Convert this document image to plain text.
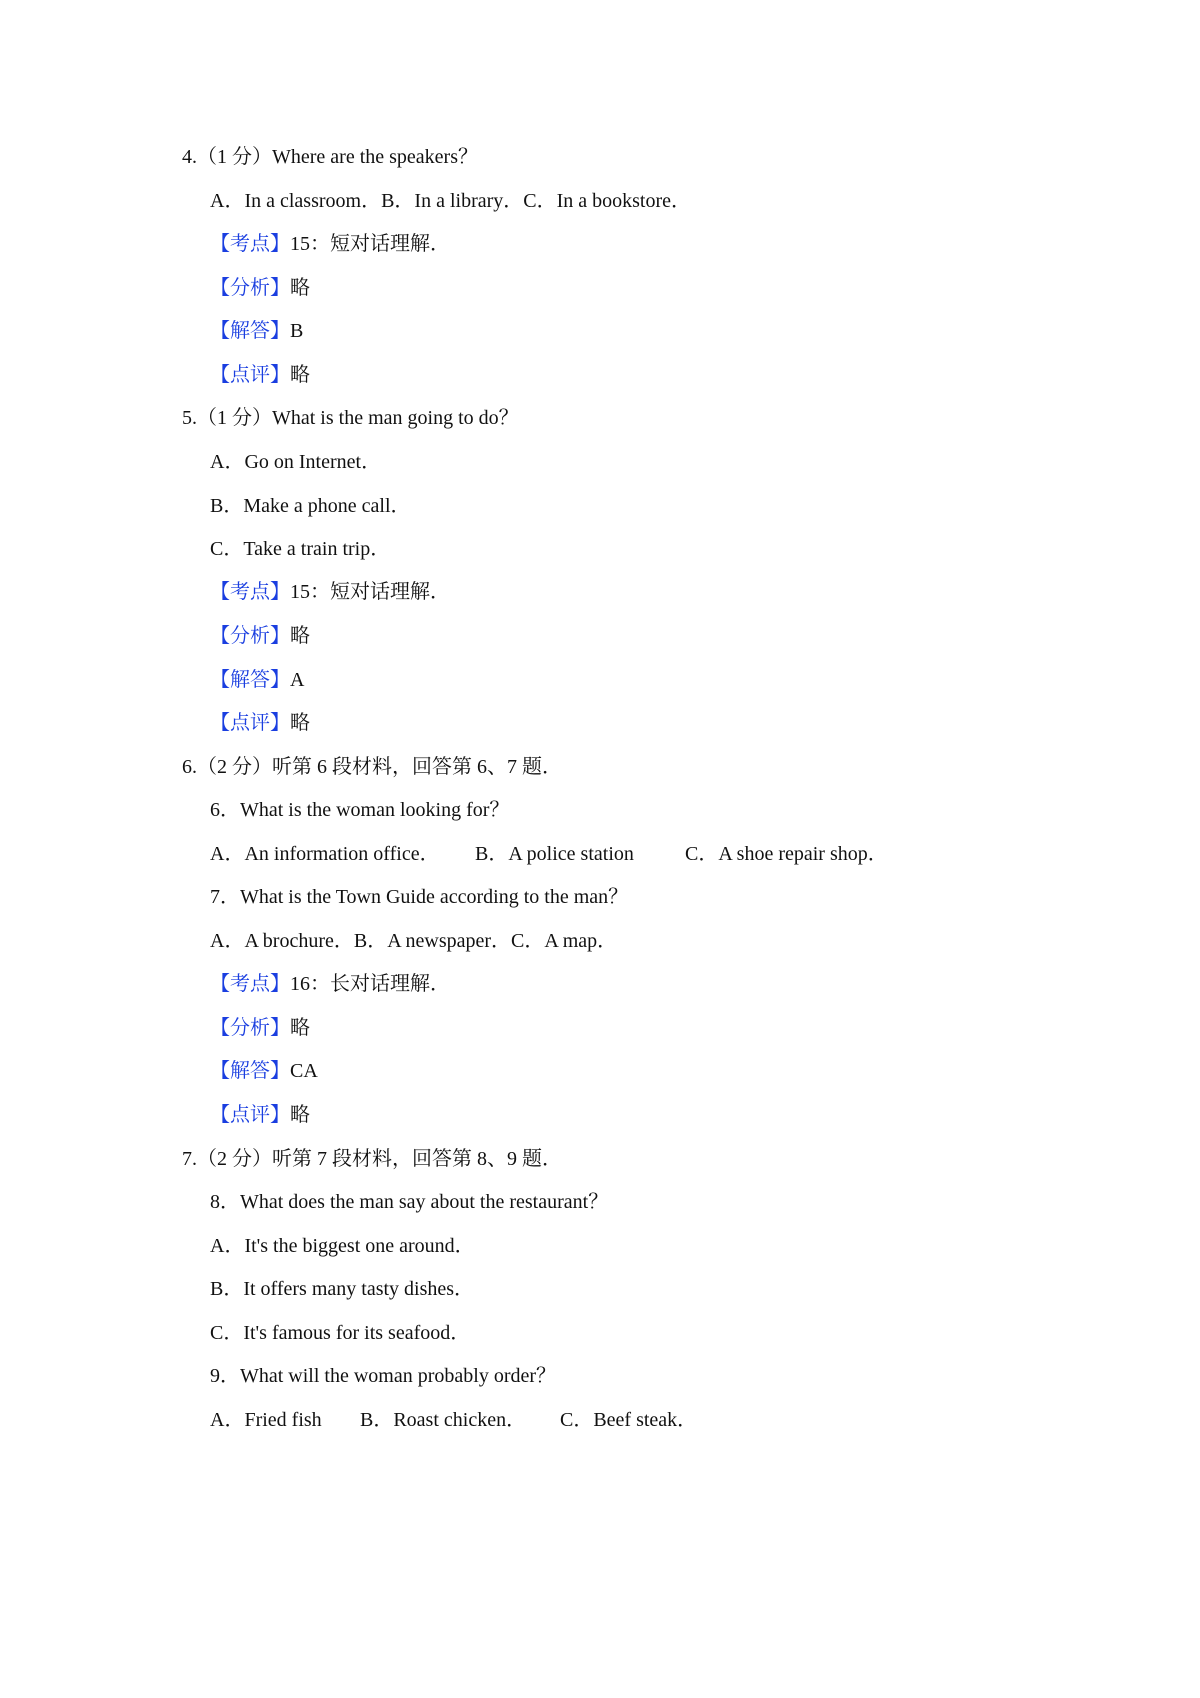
4.（1 分）Where are the speakers？
A．In a classroom．B．In a library．C．In a bookstore．
【考点】15：短对话理解．
【分析】略
【解答】B
【点评】略
5.（1 分）What is the man going to do？
A．Go on Internet．
B．Make a phone call．
C．Take a train trip．
【考点】15：短对话理解．
【分析】略
【解答】A
【点评】略
6.（2 分）听第 6 段材料，回答第 6、7 题．
6．What is the woman looking for？
A．An information office． B．A police station	C．A shoe repair shop．
7．What is the Town Guide according to the man？
A．A brochure．B．A newspaper．C．A map．
【考点】16：长对话理解．
【分析】略
【解答】CA
【点评】略
7.（2 分）听第 7 段材料，回答第 8、9 题．
8．What does the man say about the restaurant？
A．It's the biggest one around．
B．It offers many tasty dishes．
C．It's famous for its seafood．
9．What will the woman probably order？
A．Fried fish B．Roast chicken． C．Beef steak．
